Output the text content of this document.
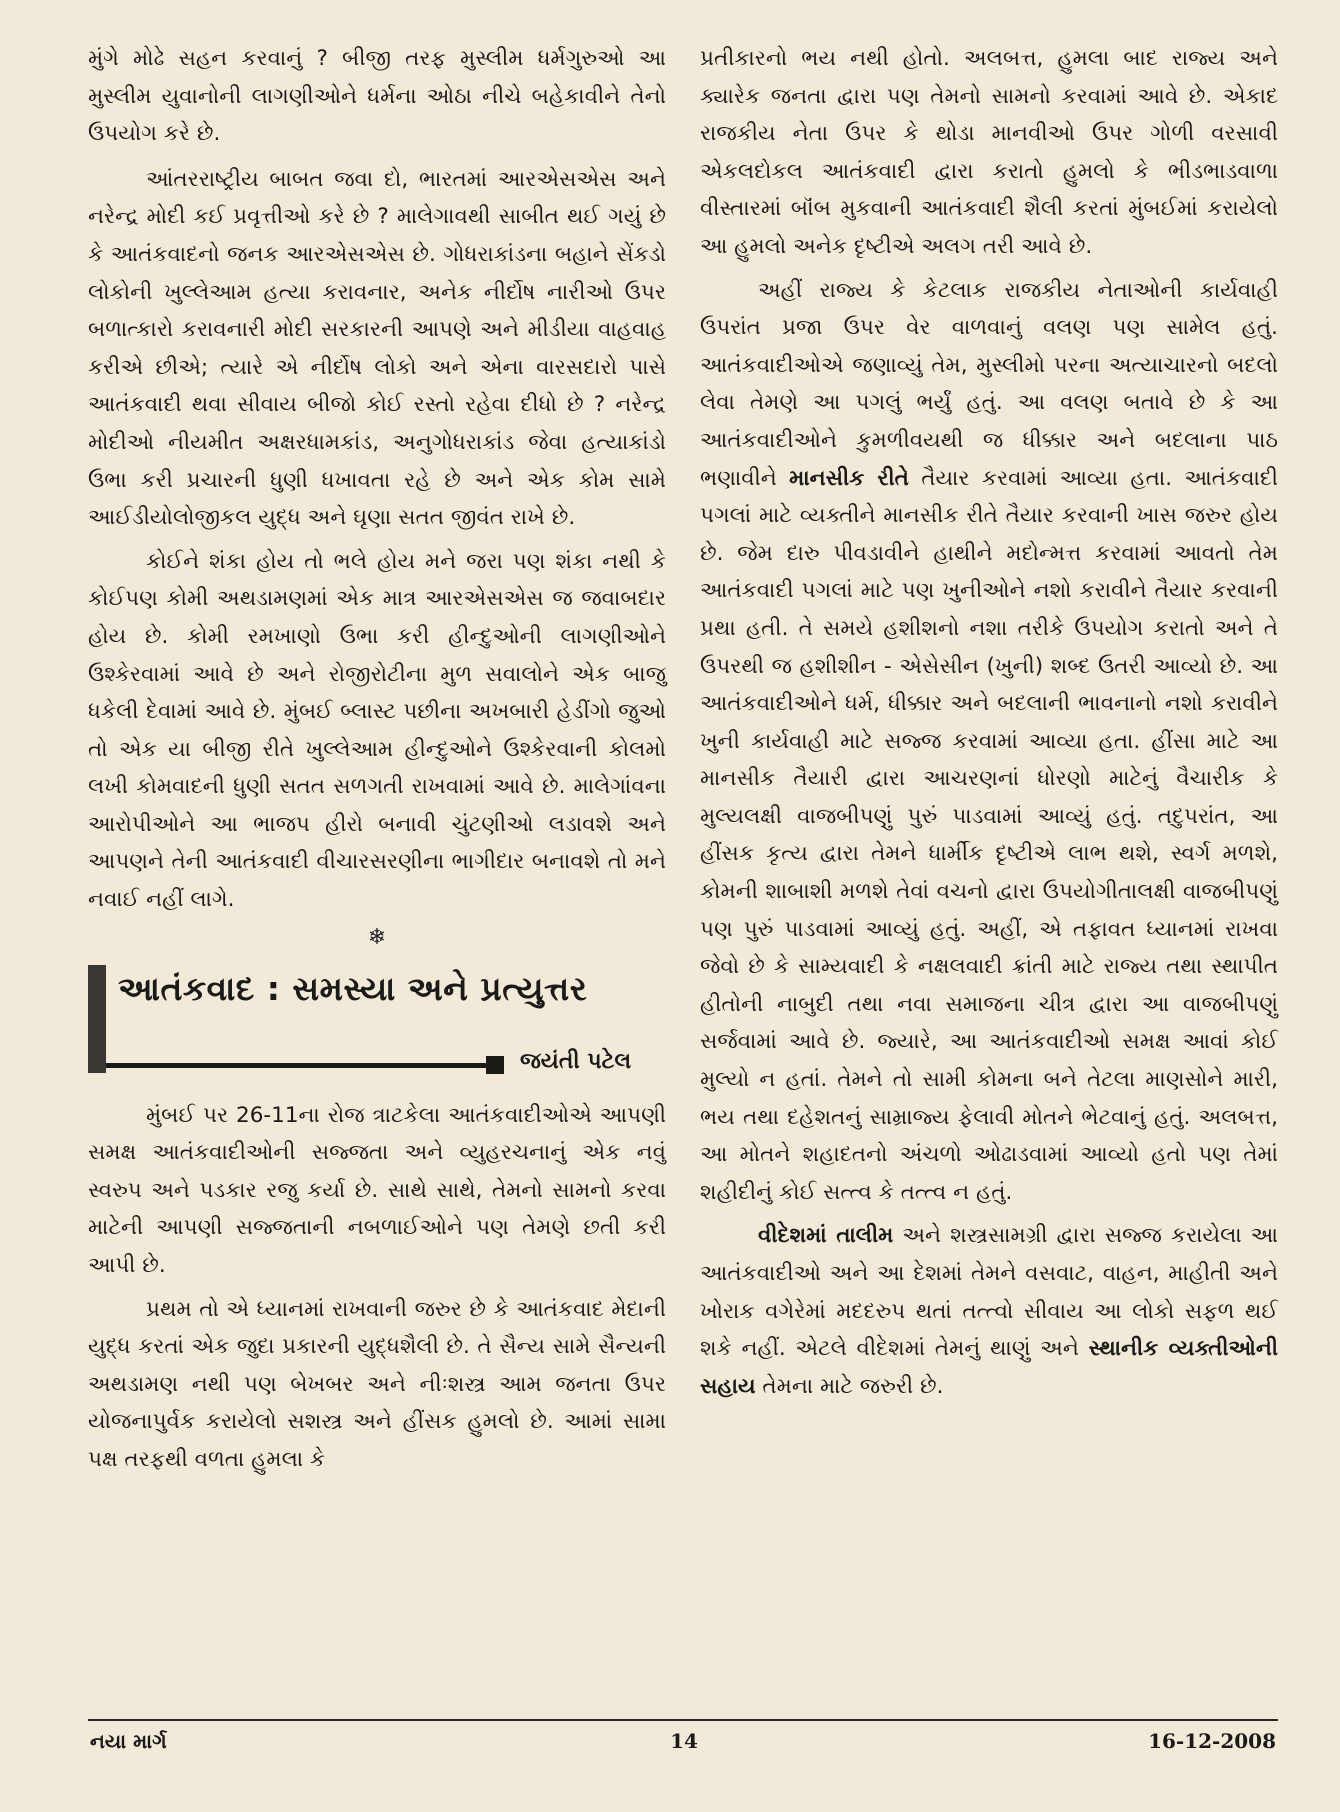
મુંગે મોઢે સહન કરવાનું ? બીજી તરફ મુસ્લીમ ધર્મગુરુઓ આ મુસ્લીમ યુવાનોની લાગણીઓને ધર્મના ઓઠા નીચે બહેકાવીને તેનો ઉપયોગ કરે છે.

આંતરરાષ્ટ્રીય બાબત જવા દો, ભારતમાં આરએસએસ અને નરેન્દ્ર મોદી કઈ પ્રવૃત્તીઓ કરે છે ? માલેગાવથી સાબીત થઈ ગયું છે કે આતંકવાદનો જનક આરએસએસ છે. ગોધરાકાંડના બહાને સેંકડો લોકોની ખુલ્લેઆમ હત્યા કરાવનાર, અનેક નીર્દોષ નારીઓ ઉપર બળાત્કારો કરાવનારી મોદી સરકારની આપણે અને મીડીયા વાહવાહ કરીએ છીએ; ત્યારે એ નીર્દોષ લોકો અને એના વારસદારો પાસે આતંકવાદી થવા સીવાય બીજો કોઈ રસ્તો રહેવા દીધો છે ? નરેન્દ્ર મોદીઓ નીયમીત અક્ષરધામકાંડ, અનુગોધરાકાંડ જેવા હત્યાકાંડો ઉભા કરી પ્રચારની ધુણી ધખાવતા રહે છે અને એક કોમ સામે આઈડીયોલોજીકલ યુદ્ધ અને ઘૃણા સતત જીવંત રાખે છે.

કોઈને શંકા હોય તો ભલે હોય મને જરા પણ શંકા નથી કે કોઈપણ કોમી અથડામણમાં એક માત્ર આરએસએસ જ જવાબદાર હોય છે. કોમી રમખાણો ઉભા કરી હીન્દુઓની લાગણીઓને ઉશ્કેરવામાં આવે છે અને રોજીરોટીના મુળ સવાલોને એક બાજુ ધકેલી દેવામાં આવે છે. મુંબઈ બ્લાસ્ટ પછીના અખબારી હેડીંગો જુઓ તો એક યા બીજી રીતે ખુલ્લેઆમ હીન્દુઓને ઉશ્કેરવાની કોલમો લખી કોમવાદની ધુણી સતત સળગતી રાખવામાં આવે છે. માલેગાંવના આરોપીઓને આ ભાજપ હીરો બનાવી ચુંટણીઓ લડાવશે અને આપણને તેની આતંકવાદી વીચારસરણીના ભાગીદાર બનાવશે તો મને નવાઈ નહીં લાગે.

❄
આતંકવાદ : સમસ્યા અને પ્રત્યુત્તર
જયંતી પટેલ

મુંબઈ પર 26-11ના રોજ ત્રાટકેલા આતંકવાદીઓએ આપણી સમક્ષ આતંકવાદીઓની સજ્જતા અને વ્યુહરચનાનું એક નવું સ્વરુપ અને પડકાર રજુ કર્યા છે. સાથે સાથે, તેમનો સામનો કરવા માટેની આપણી સજ્જતાની નબળાઈઓને પણ તેમણે છતી કરી આપી છે.

પ્રથમ તો એ ધ્યાનમાં રાખવાની જરુર છે કે આતંકવાદ મેદાની યુદ્ધ કરતાં એક જુદા પ્રકારની યુદ્ધશૈલી છે. તે સૈન્ય સામે સૈન્યની અથડામણ નથી પણ બેખબર અને નીઃશસ્ત્ર આમ જનતા ઉપર યોજનાપુર્વક કરાયેલો સશસ્ત્ર અને હીંસક હુમલો છે. આમાં સામા પક્ષ તરફથી વળતા હુમલા કે

પ્રતીકારનો ભય નથી હોતો. અલબત્ત, હુમલા બાદ રાજ્ય અને ક્યારેક જનતા દ્વારા પણ તેમનો સામનો કરવામાં આવે છે. એકાદ રાજકીય નેતા ઉપર કે થોડા માનવીઓ ઉપર ગોળી વરસાવી એકલદોકલ આતંકવાદી દ્વારા કરાતો હુમલો કે ભીડભાડવાળા વીસ્તારમાં બૉંબ મુકવાની આતંકવાદી શૈલી કરતાં મુંબઈમાં કરાયેલો આ હુમલો અનેક દૃષ્ટીએ અલગ તરી આવે છે.

અહીં રાજ્ય કે કેટલાક રાજકીય નેતાઓની કાર્યવાહી ઉપરાંત પ્રજા ઉપર વેર વાળવાનું વલણ પણ સામેલ હતું. આતંકવાદીઓએ જણાવ્યું તેમ, મુસ્લીમો પરના અત્યાચારનો બદલો લેવા તેમણે આ પગલું ભર્યું હતું. આ વલણ બતાવે છે કે આ આતંકવાદીઓને કુમળીવયથી જ ધીક્કાર અને બદલાના પાઠ ભણાવીને માનસીક રીતે તૈયાર કરવામાં આવ્યા હતા. આતંકવાદી પગલાં માટે વ્યક્તીને માનસીક રીતે તૈયાર કરવાની ખાસ જરુર હોય છે. જેમ દારુ પીવડાવીને હાથીને મદોન્મત્ત કરવામાં આવતો તેમ આતંકવાદી પગલાં માટે પણ ખુનીઓને નશો કરાવીને તૈયાર કરવાની પ્રથા હતી. તે સમયે હશીશનો નશા તરીકે ઉપયોગ કરાતો અને તે ઉપરથી જ હશીશીન - એસેસીન (ખુની) શબ્દ ઉતરી આવ્યો છે. આ આતંકવાદીઓને ધર્મ, ધીક્કાર અને બદલાની ભાવનાનો નશો કરાવીને ખુની કાર્યવાહી માટે સજ્જ કરવામાં આવ્યા હતા. હીંસા માટે આ માનસીક તૈયારી દ્વારા આચરણનાં ધોરણો માટેનું વૈચારીક કે મુલ્યલક્ષી વાજબીપણું પુરું પાડવામાં આવ્યું હતું. તદુપરાંત, આ હીંસક કૃત્ય દ્વારા તેમને ધાર્મીક દૃષ્ટીએ લાભ થશે, સ્વર્ગ મળશે, કોમની શાબાશી મળશે તેવાં વચનો દ્વારા ઉપયોગીતાલક્ષી વાજબીપણું પણ પુરું પાડવામાં આવ્યું હતું. અહીં, એ તફાવત ધ્યાનમાં રાખવા જેવો છે કે સામ્યવાદી કે નક્ષલવાદી ક્રાંતી માટે રાજ્ય તથા સ્થાપીત હીતોની નાબુદી તથા નવા સમાજના ચીત્ર દ્વારા આ વાજબીપણું સર્જવામાં આવે છે. જ્યારે, આ આતંકવાદીઓ સમક્ષ આવાં કોઈ મુલ્યો ન હતાં. તેમને તો સામી કોમના બને તેટલા માણસોને મારી, ભય તથા દહેશતનું સામ્રાજ્ય ફેલાવી મોતને ભેટવાનું હતું. અલબત્ત, આ મોતને શહાદતનો અંચળો ઓઢાડવામાં આવ્યો હતો પણ તેમાં શહીદીનું કોઈ સત્ત્વ કે તત્ત્વ ન હતું.

વીદેશમાં તાલીમ અને શસ્ત્રસામગ્રી દ્વારા સજ્જ કરાયેલા આ આતંકવાદીઓ અને આ દેશમાં તેમને વસવાટ, વાહન, માહીતી અને ખોરાક વગેરેમાં મદદરુપ થતાં તત્ત્વો સીવાય આ લોકો સફળ થઈ શકે નહીં. એટલે વીદેશમાં તેમનું થાણું અને સ્થાનીક વ્યક્તીઓની સહાય તેમના માટે જરુરી છે.

નયા માર્ગ	14	16-12-2008
